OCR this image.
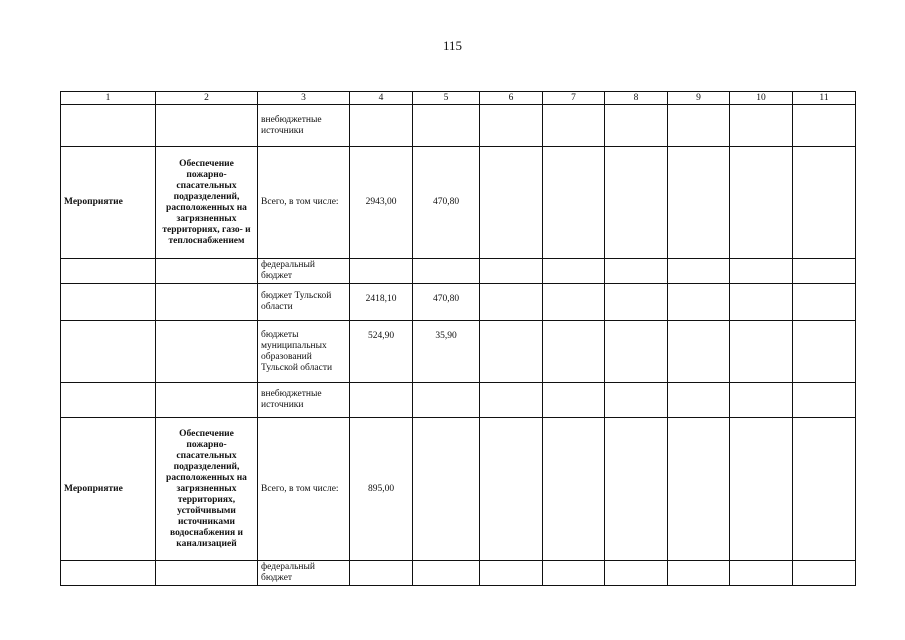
115
1	2	3	4	5	6	7	8	9	10	11
		внебюджетные источники								
Мероприятие	Обеспечение пожарно-спасательных подразделений, расположенных на загрязненных территориях, газо- и теплоснабжением	Всего, в том числе:	2943,00	470,80						
		федеральный бюджет								
		бюджет Тульской области	2418,10	470,80						
		бюджеты муниципальных образований Тульской области	524,90	35,90						
		внебюджетные источники								
Мероприятие	Обеспечение пожарно-спасательных подразделений, расположенных на загрязненных территориях, устойчивыми источниками водоснабжения и канализацией	Всего, в том числе:	895,00							
		федеральный бюджет								
